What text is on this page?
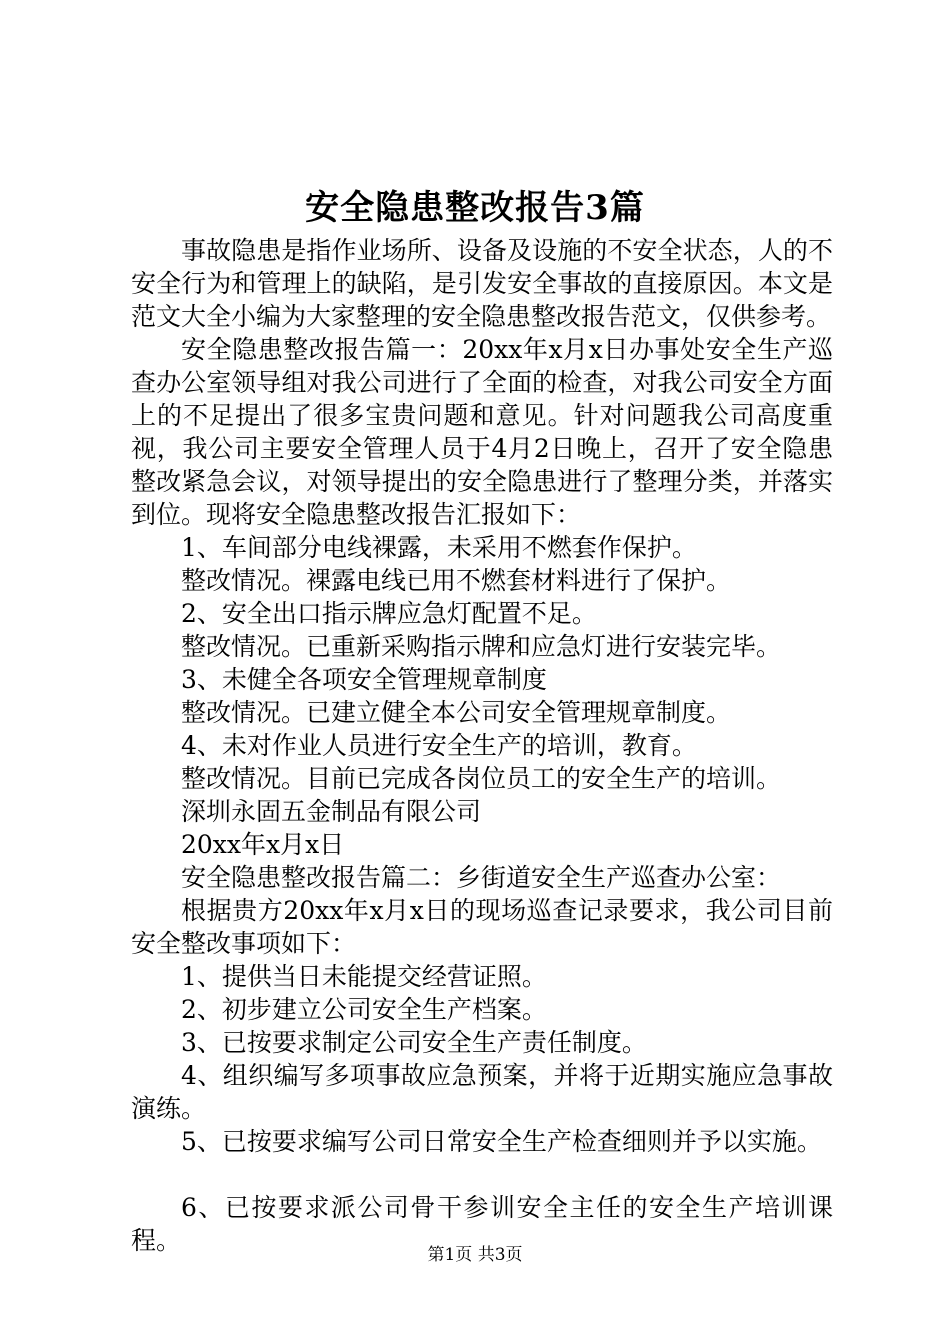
安全隐患整改报告3篇

事故隐患是指作业场所、设备及设施的不安全状态，人的不安全行为和管理上的缺陷，是引发安全事故的直接原因。本文是范文大全小编为大家整理的安全隐患整改报告范文，仅供参考。

安全隐患整改报告篇一：20xx年x月x日办事处安全生产巡查办公室领导组对我公司进行了全面的检查，对我公司安全方面上的不足提出了很多宝贵问题和意见。针对问题我公司高度重视，我公司主要安全管理人员于4月2日晚上，召开了安全隐患整改紧急会议，对领导提出的安全隐患进行了整理分类，并落实到位。现将安全隐患整改报告汇报如下：

1、车间部分电线裸露，未采用不燃套作保护。

整改情况。裸露电线已用不燃套材料进行了保护。

2、安全出口指示牌应急灯配置不足。

整改情况。已重新采购指示牌和应急灯进行安装完毕。

3、未健全各项安全管理规章制度

整改情况。已建立健全本公司安全管理规章制度。

4、未对作业人员进行安全生产的培训，教育。

整改情况。目前已完成各岗位员工的安全生产的培训。

深圳永固五金制品有限公司

20xx年x月x日

安全隐患整改报告篇二：乡街道安全生产巡查办公室：

根据贵方20xx年x月x日的现场巡查记录要求，我公司目前安全整改事项如下：

1、提供当日未能提交经营证照。

2、初步建立公司安全生产档案。

3、已按要求制定公司安全生产责任制度。

4、组织编写多项事故应急预案，并将于近期实施应急事故演练。

5、已按要求编写公司日常安全生产检查细则并予以实施。

6、已按要求派公司骨干参训安全主任的安全生产培训课程。	第1页 共3页
